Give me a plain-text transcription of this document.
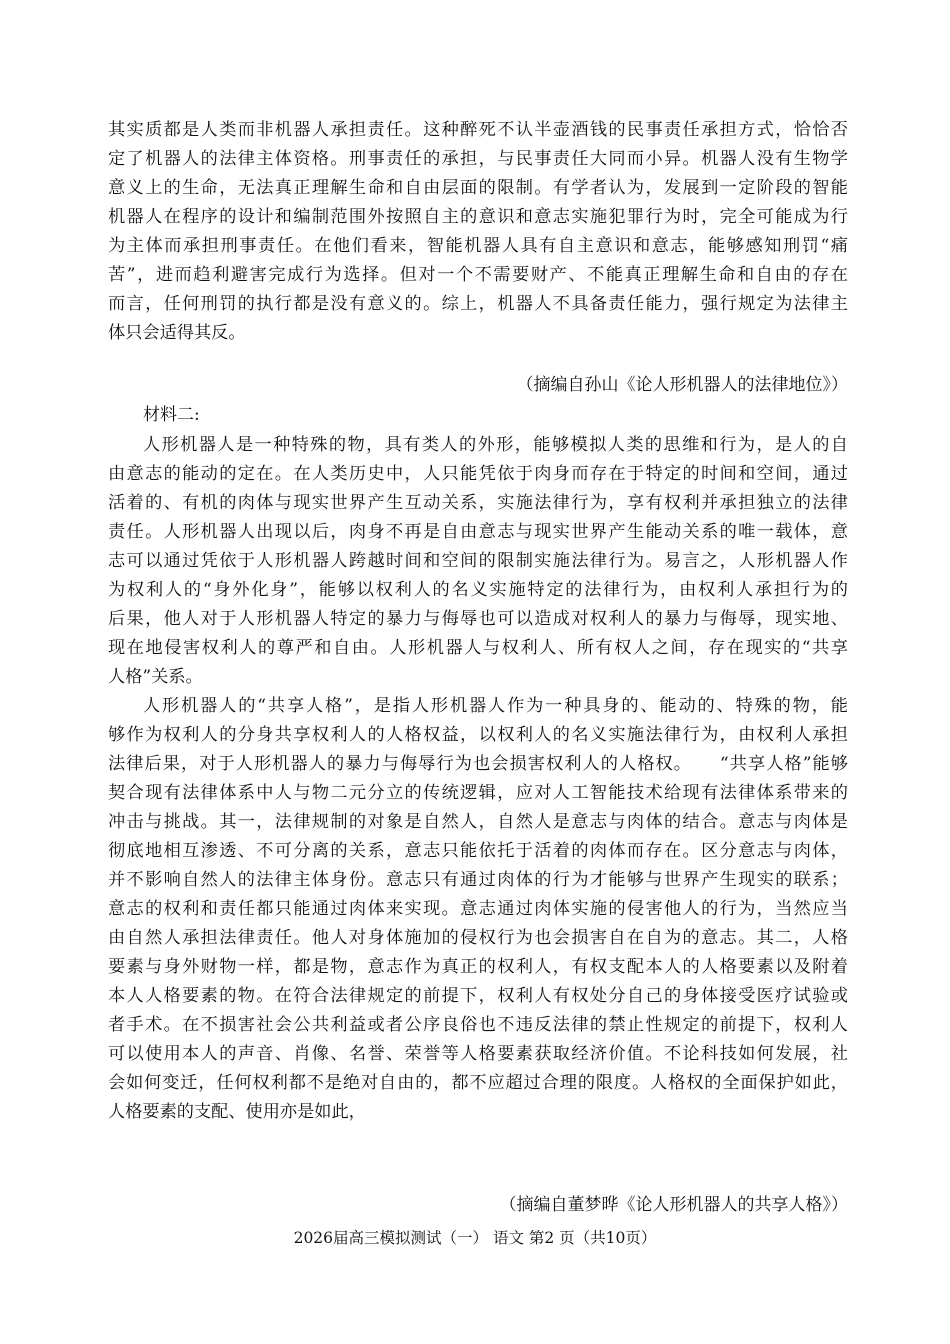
其实质都是人类而非机器人承担责任。这种醉死不认半壶酒钱的民事责任承担方式，恰恰否
定了机器人的法律主体资格。刑事责任的承担，与民事责任大同而小异。机器人没有生物学
意义上的生命，无法真正理解生命和自由层面的限制。有学者认为，发展到一定阶段的智能
机器人在程序的设计和编制范围外按照自主的意识和意志实施犯罪行为时，完全可能成为行
为主体而承担刑事责任。在他们看来，智能机器人具有自主意识和意志，能够感知刑罚“痛
苦”，进而趋利避害完成行为选择。但对一个不需要财产、不能真正理解生命和自由的存在
而言，任何刑罚的执行都是没有意义的。综上，机器人不具备责任能力，强行规定为法律主
体只会适得其反。
（摘编自孙山《论人形机器人的法律地位》）
材料二:
人形机器人是一种特殊的物，具有类人的外形，能够模拟人类的思维和行为，是人的自
由意志的能动的定在。在人类历史中，人只能凭依于肉身而存在于特定的时间和空间，通过
活着的、有机的肉体与现实世界产生互动关系，实施法律行为，享有权利并承担独立的法律
责任。人形机器人出现以后，肉身不再是自由意志与现实世界产生能动关系的唯一载体，意
志可以通过凭依于人形机器人跨越时间和空间的限制实施法律行为。易言之，人形机器人作
为权利人的“身外化身”，能够以权利人的名义实施特定的法律行为，由权利人承担行为的
后果，他人对于人形机器人特定的暴力与侮辱也可以造成对权利人的暴力与侮辱，现实地、
现在地侵害权利人的尊严和自由。人形机器人与权利人、所有权人之间，存在现实的“共享
人格”关系。
人形机器人的“共享人格”，是指人形机器人作为一种具身的、能动的、特殊的物，能
够作为权利人的分身共享权利人的人格权益，以权利人的名义实施法律行为，由权利人承担
法律后果，对于人形机器人的暴力与侮辱行为也会损害权利人的人格权。　　“共享人格”能够
契合现有法律体系中人与物二元分立的传统逻辑，应对人工智能技术给现有法律体系带来的
冲击与挑战。其一，法律规制的对象是自然人，自然人是意志与肉体的结合。意志与肉体是
彻底地相互渗透、不可分离的关系，意志只能依托于活着的肉体而存在。区分意志与肉体，
并不影响自然人的法律主体身份。意志只有通过肉体的行为才能够与世界产生现实的联系；
意志的权利和责任都只能通过肉体来实现。意志通过肉体实施的侵害他人的行为，当然应当
由自然人承担法律责任。他人对身体施加的侵权行为也会损害自在自为的意志。其二，人格
要素与身外财物一样，都是物，意志作为真正的权利人，有权支配本人的人格要素以及附着
本人人格要素的物。在符合法律规定的前提下，权利人有权处分自己的身体接受医疗试验或
者手术。在不损害社会公共利益或者公序良俗也不违反法律的禁止性规定的前提下，权利人
可以使用本人的声音、肖像、名誉、荣誉等人格要素获取经济价值。不论科技如何发展，社
会如何变迁，任何权利都不是绝对自由的，都不应超过合理的限度。人格权的全面保护如此，
人格要素的支配、使用亦是如此，
（摘编自董梦晔《论人形机器人的共享人格》）
2026届高三模拟测试（一） 语文 第2 页（共10页）
